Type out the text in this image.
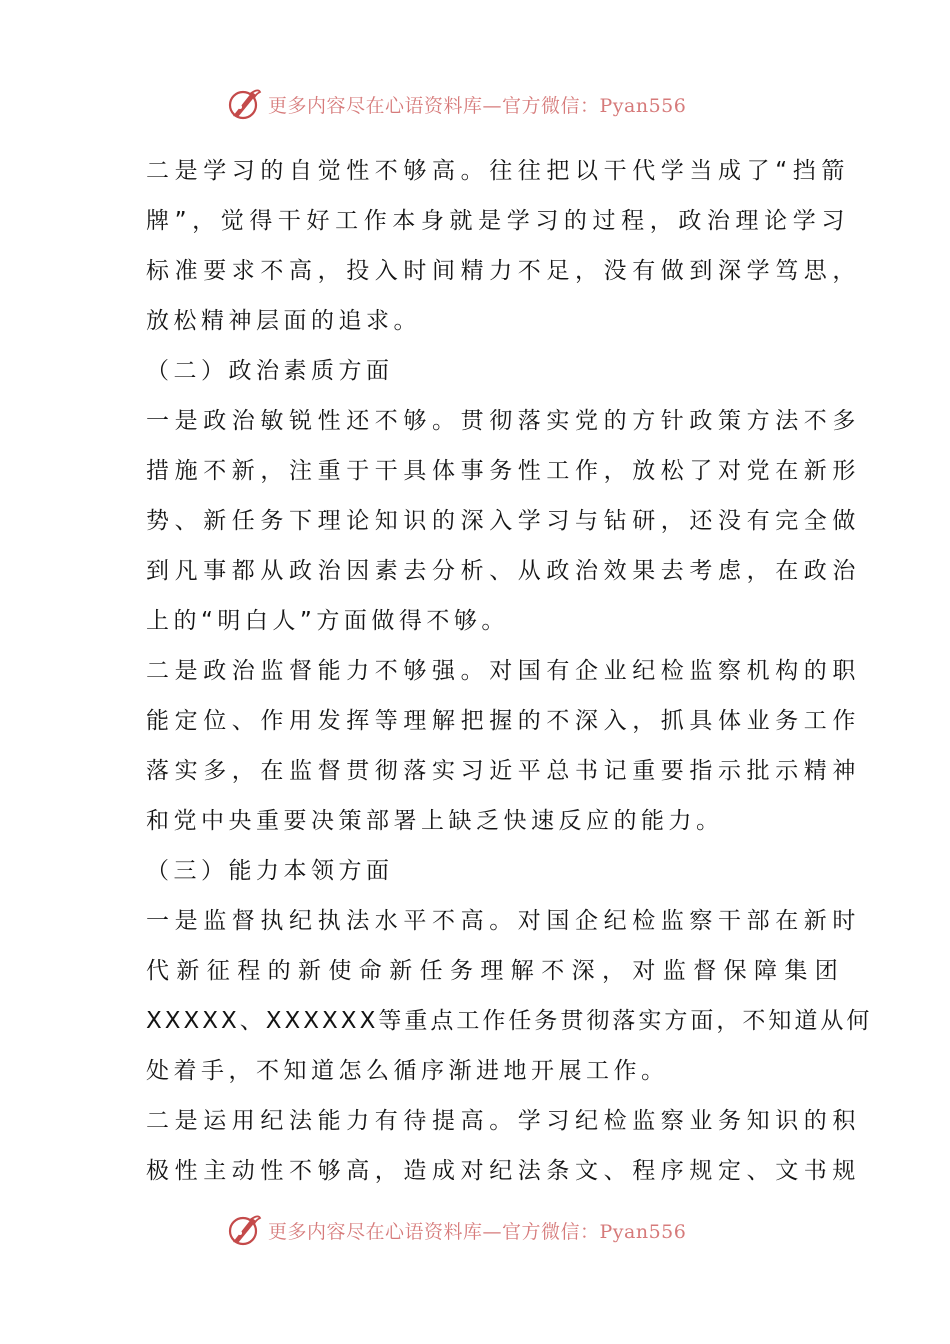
更多内容尽在心语资料库—官方微信：Pyan556
二是学习的自觉性不够高。往往把以干代学当成了“挡箭
牌”，觉得干好工作本身就是学习的过程，政治理论学习
标准要求不高，投入时间精力不足，没有做到深学笃思，
放松精神层面的追求。
（二）政治素质方面
一是政治敏锐性还不够。贯彻落实党的方针政策方法不多
措施不新，注重于干具体事务性工作，放松了对党在新形
势、新任务下理论知识的深入学习与钻研，还没有完全做
到凡事都从政治因素去分析、从政治效果去考虑，在政治
上的“明白人”方面做得不够。
二是政治监督能力不够强。对国有企业纪检监察机构的职
能定位、作用发挥等理解把握的不深入，抓具体业务工作
落实多，在监督贯彻落实习近平总书记重要指示批示精神
和党中央重要决策部署上缺乏快速反应的能力。
（三）能力本领方面
一是监督执纪执法水平不高。对国企纪检监察干部在新时
代新征程的新使命新任务理解不深，对监督保障集团
XXXXX、XXXXXX等重点工作任务贯彻落实方面，不知道从何
处着手，不知道怎么循序渐进地开展工作。
二是运用纪法能力有待提高。学习纪检监察业务知识的积
极性主动性不够高，造成对纪法条文、程序规定、文书规
更多内容尽在心语资料库—官方微信：Pyan556
